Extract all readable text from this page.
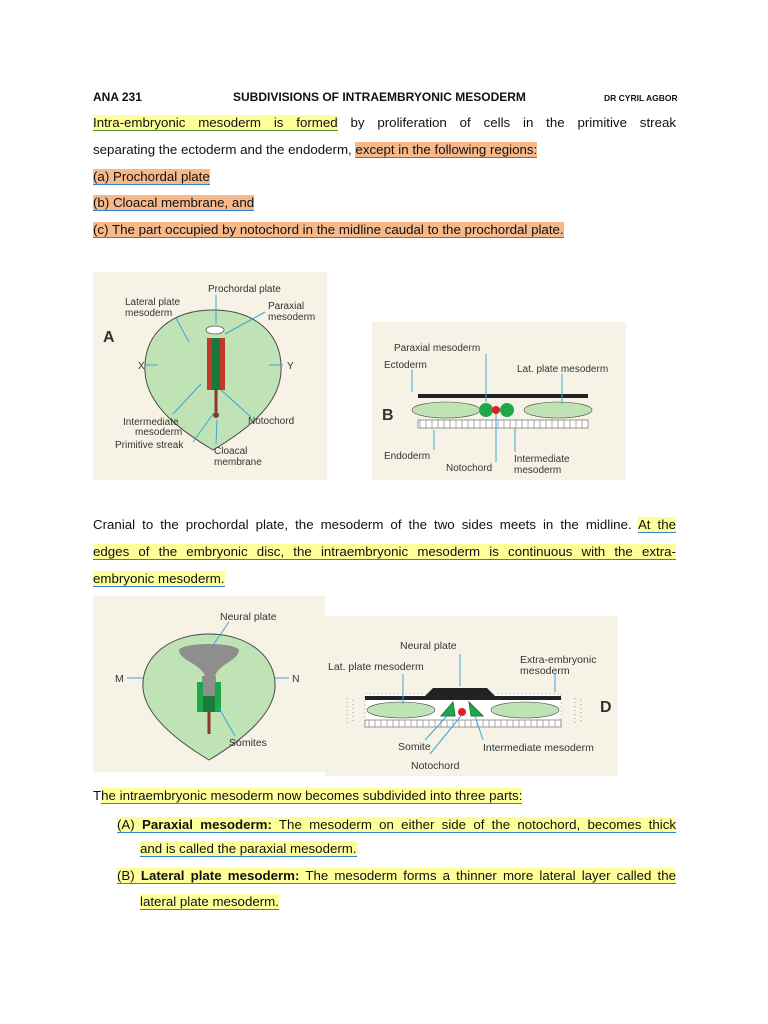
ANA 231	SUBDIVISIONS OF INTRAEMBRYONIC MESODERM	DR CYRIL AGBOR
Intra-embryonic mesoderm is formed by proliferation of cells in the primitive streak
separating the ectoderm and the endoderm, except in the following regions:
(a) Prochordal plate
(b) Cloacal membrane, and
(c) The part occupied by notochord in the midline caudal to the prochordal plate.
A
Prochordal plate
Lateral plate
mesoderm
Paraxial
mesoderm
X	Y
Intermediate
mesoderm
Primitive streak
Notochord
Cloacal
membrane
B
Paraxial mesoderm
Ectoderm	Lat. plate mesoderm
Endoderm
Notochord
Intermediate
mesoderm
Cranial to the prochordal plate, the mesoderm of the two sides meets in the midline. At the
edges of the embryonic disc, the intraembryonic mesoderm is continuous with the extra-
embryonic mesoderm.
Neural plate
M	N
Somites
Neural plate
Lat. plate mesoderm
Extra-embryonic
mesoderm
D
Somite	Intermediate mesoderm
Notochord
The intraembryonic mesoderm now becomes subdivided into three parts:
(A) Paraxial mesoderm: The mesoderm on either side of the notochord, becomes thick
and is called the paraxial mesoderm.
(B) Lateral plate mesoderm: The mesoderm forms a thinner more lateral layer called the
lateral plate mesoderm.
